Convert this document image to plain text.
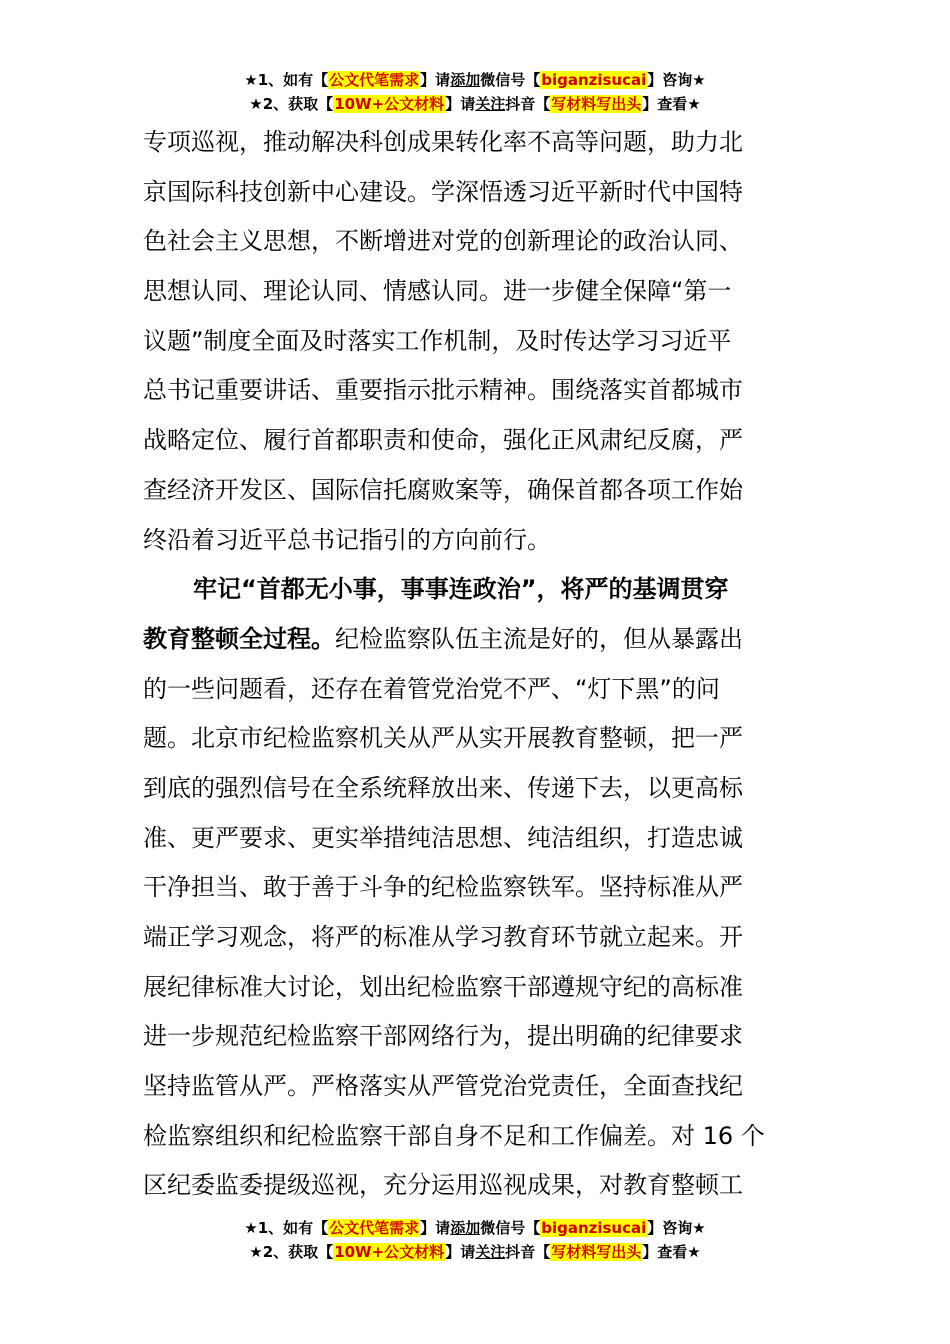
★1、如有【公文代笔需求】请添加微信号【biganzisucai】咨询★
★2、获取【10W+公文材料】请关注抖音【写材料写出头】查看★
专项巡视，推动解决科创成果转化率不高等问题，助力北
京国际科技创新中心建设。学深悟透习近平新时代中国特
色社会主义思想，不断增进对党的创新理论的政治认同、
思想认同、理论认同、情感认同。进一步健全保障“第一
议题”制度全面及时落实工作机制，及时传达学习习近平
总书记重要讲话、重要指示批示精神。围绕落实首都城市
战略定位、履行首都职责和使命，强化正风肃纪反腐，严
查经济开发区、国际信托腐败案等，确保首都各项工作始
终沿着习近平总书记指引的方向前行。
牢记“首都无小事，事事连政治”，将严的基调贯穿
教育整顿全过程。纪检监察队伍主流是好的，但从暴露出
的一些问题看，还存在着管党治党不严、“灯下黑”的问
题。北京市纪检监察机关从严从实开展教育整顿，把一严
到底的强烈信号在全系统释放出来、传递下去，以更高标
准、更严要求、更实举措纯洁思想、纯洁组织，打造忠诚
干净担当、敢于善于斗争的纪检监察铁军。坚持标准从严
端正学习观念，将严的标准从学习教育环节就立起来。开
展纪律标准大讨论，划出纪检监察干部遵规守纪的高标准
进一步规范纪检监察干部网络行为，提出明确的纪律要求
坚持监管从严。严格落实从严管党治党责任，全面查找纪
检监察组织和纪检监察干部自身不足和工作偏差。对 16 个
区纪委监委提级巡视，充分运用巡视成果，对教育整顿工
★1、如有【公文代笔需求】请添加微信号【biganzisucai】咨询★
★2、获取【10W+公文材料】请关注抖音【写材料写出头】查看★
